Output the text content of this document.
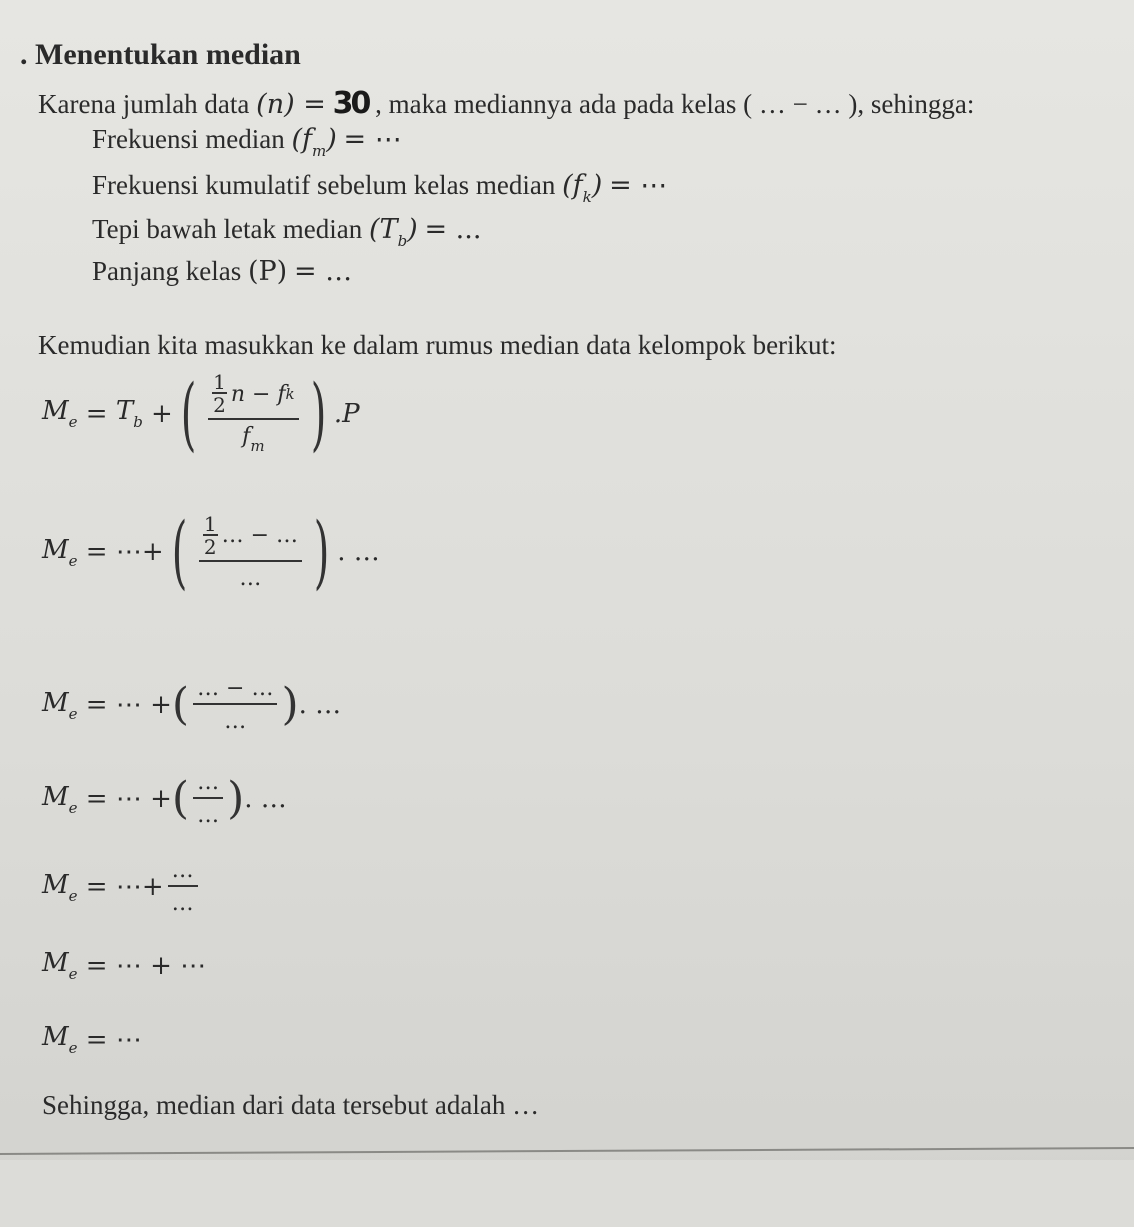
. Menentukan median
Karena jumlah data (n) = 30 , maka mediannya ada pada kelas ( … − … ), sehingga:
Frekuensi median $(f_m)$ = ⋯
Frekuensi kumulatif sebelum kelas median $(f_k)$ = ⋯
Tepi bawah letak median $(T_b)$ = ...
Panjang kelas (P) = …
Kemudian kita masukkan ke dalam rumus median data kelompok berikut:
$M_e = T_b$ + ( 1
2 n − f k
$f_m$ ) .P
$M_e$ = ⋯+ ( 1
2 … − …
… ) . …
$M_e$ = ⋯ + ( $\frac{\dots - \dots}{\dots}$ ) . …
$M_e$ = ⋯ + ( $\frac{\dots}{\dots}$ ) . …
$M_e$ = ⋯+ $\frac{\dots}{\dots}$
$M_e$ = ⋯ + ⋯
$M_e$ = ⋯
Sehingga, median dari data tersebut adalah …
